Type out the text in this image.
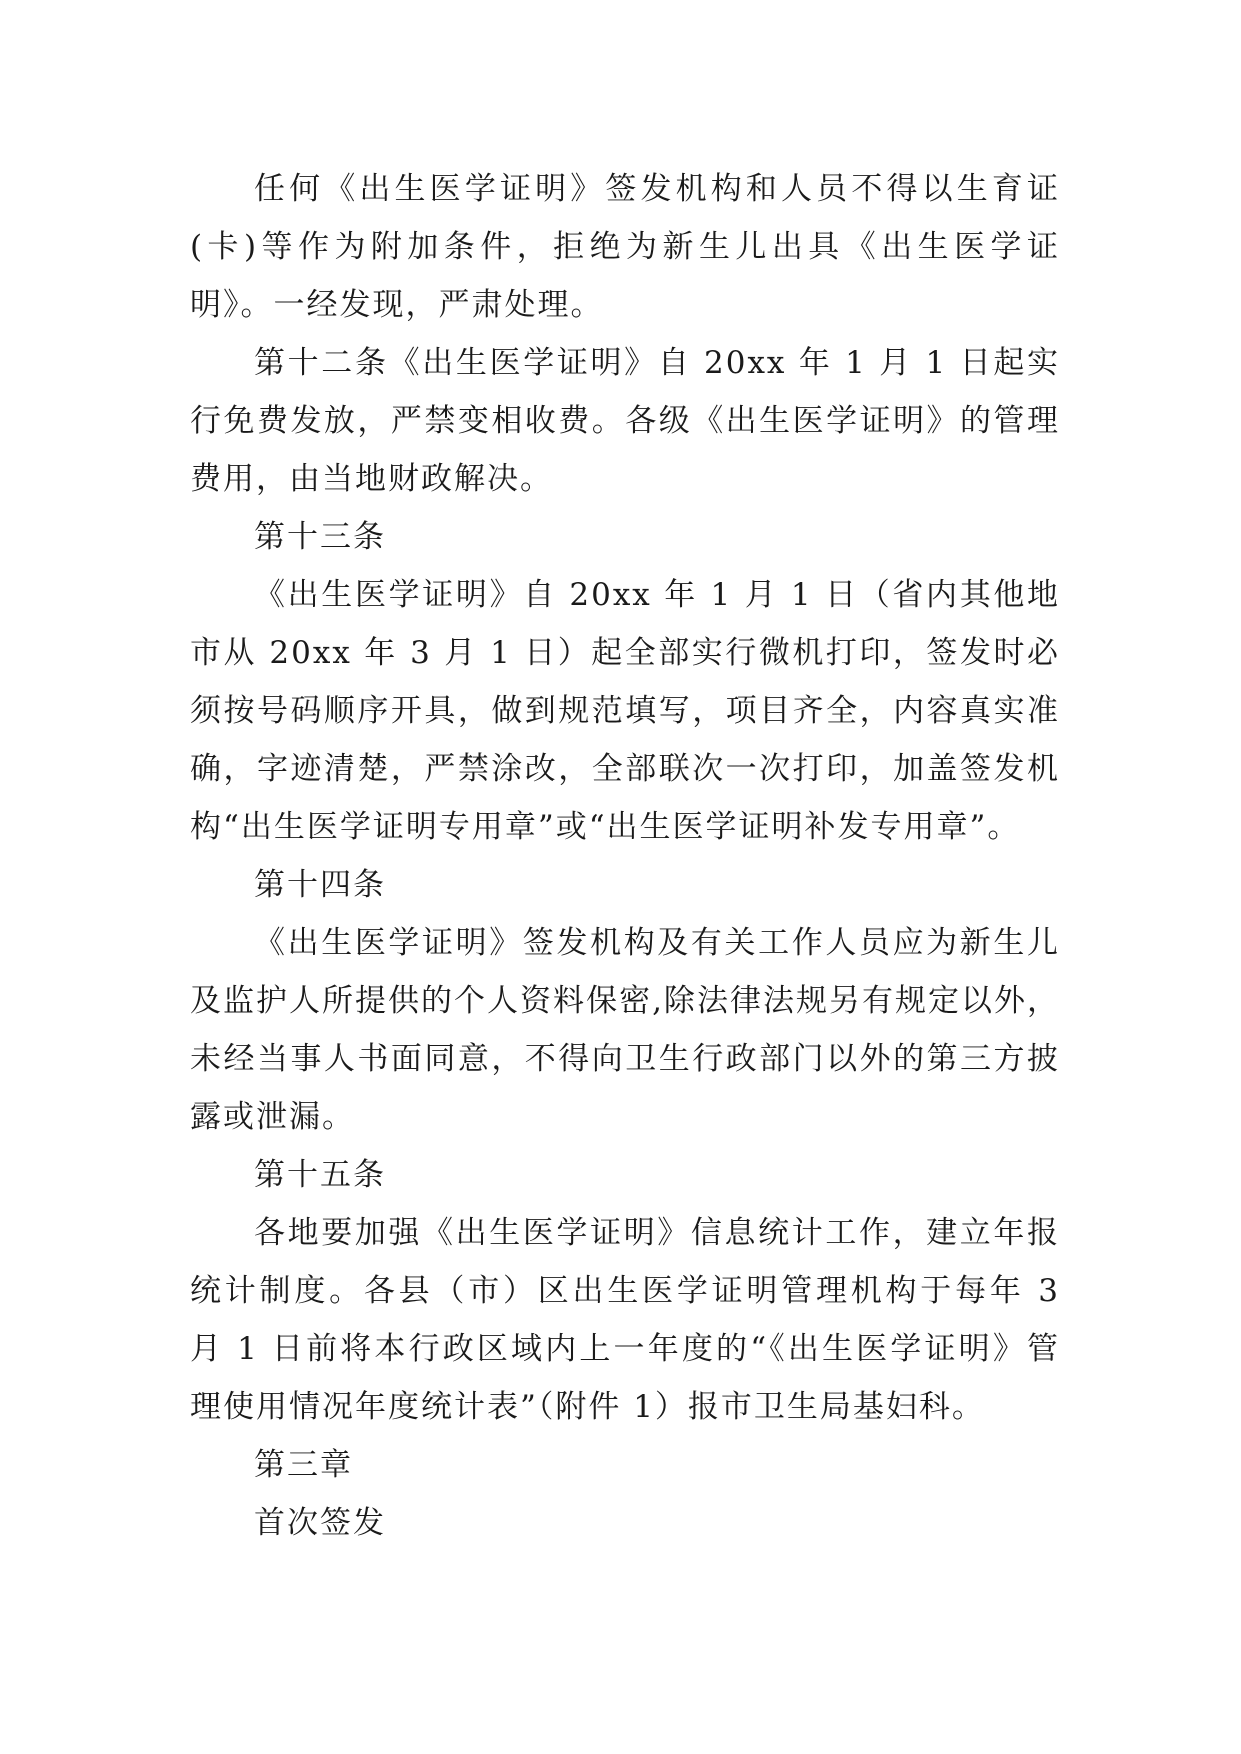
任何《出生医学证明》签发机构和人员不得以生育证(卡)等作为附加条件，拒绝为新生儿出具《出生医学证明》。一经发现，严肃处理。

第十二条《出生医学证明》自 20xx 年 1 月 1 日起实行免费发放，严禁变相收费。各级《出生医学证明》的管理费用，由当地财政解决。

第十三条

《出生医学证明》自 20xx 年 1 月 1 日（省内其他地市从 20xx 年 3 月 1 日）起全部实行微机打印，签发时必须按号码顺序开具，做到规范填写，项目齐全，内容真实准确，字迹清楚，严禁涂改，全部联次一次打印，加盖签发机构“出生医学证明专用章”或“出生医学证明补发专用章”。

第十四条

《出生医学证明》签发机构及有关工作人员应为新生儿及监护人所提供的个人资料保密,除法律法规另有规定以外，未经当事人书面同意，不得向卫生行政部门以外的第三方披露或泄漏。

第十五条

各地要加强《出生医学证明》信息统计工作，建立年报统计制度。各县（市）区出生医学证明管理机构于每年 3 月 1 日前将本行政区域内上一年度的“《出生医学证明》管理使用情况年度统计表”（附件 1）报市卫生局基妇科。

第三章

首次签发
